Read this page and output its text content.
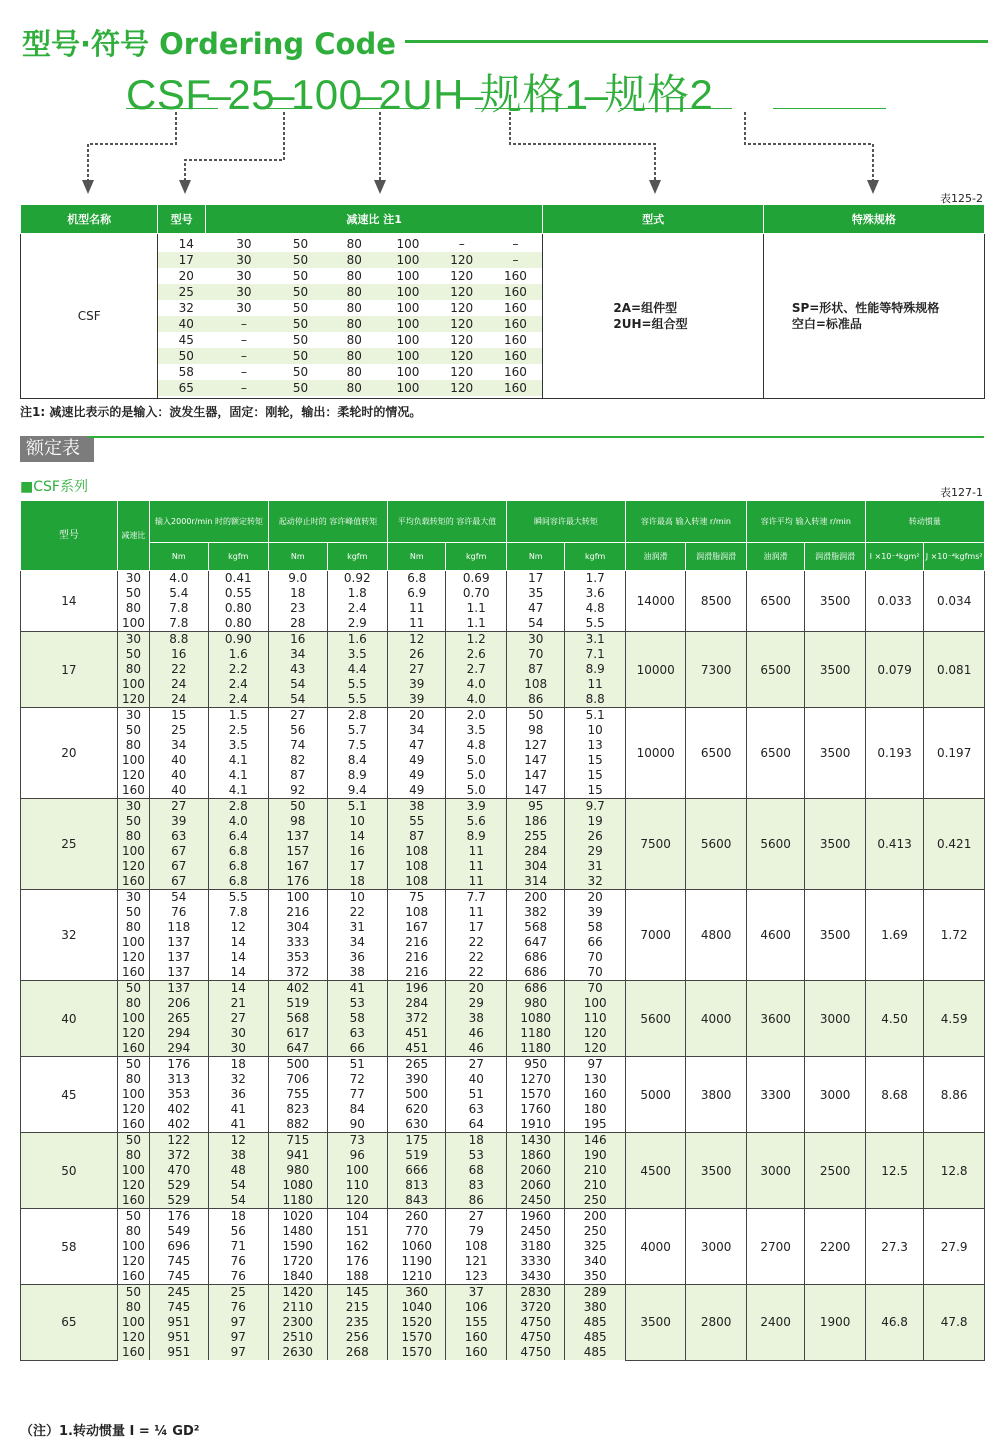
型号·符号 Ordering Code
CSF–25–100–2UH–规格1–规格2
表125-2
机型名称	型号	减速比 注1	型式	特殊规格
CSF	
14	30	50	80	100	–	–
17	30	50	80	100	120	–
20	30	50	80	100	120	160
25	30	50	80	100	120	160
32	30	50	80	100	120	160
40	–	50	80	100	120	160
45	–	50	80	100	120	160
50	–	50	80	100	120	160
58	–	50	80	100	120	160
65	–	50	80	100	120	160

2A=组件型
2UH=组合型

SP=形状、性能等特殊规格
空白=标准品
注1: 减速比表示的是输入：波发生器，固定：刚轮，输出：柔轮时的情况。
额定表
■CSF系列	表127-1
型号	减速比	输入2000r/min 时的额定转矩		起动停止时的 容许峰值转矩		平均负载转矩的 容许最大值		瞬间容许最大转矩		容许最高 输入转速 r/min		容许平均 输入转速 r/min		转动惯量	
		Nm	kgfm	Nm	kgfm	Nm	kgfm	Nm	kgfm	油润滑	润滑脂润滑	油润滑	润滑脂润滑	I ×10⁻⁴kgm²	J ×10⁻⁴kgfms²
14	30	4.0	0.41	9.0	0.92	6.8	0.69	17	1.7	14000	8500	6500	3500	0.033	0.034
	50	5.4	0.55	18	1.8	6.9	0.70	35	3.6						
	80	7.8	0.80	23	2.4	11	1.1	47	4.8						
	100	7.8	0.80	28	2.9	11	1.1	54	5.5						
17	30	8.8	0.90	16	1.6	12	1.2	30	3.1	10000	7300	6500	3500	0.079	0.081
	50	16	1.6	34	3.5	26	2.6	70	7.1						
	80	22	2.2	43	4.4	27	2.7	87	8.9						
	100	24	2.4	54	5.5	39	4.0	108	11						
	120	24	2.4	54	5.5	39	4.0	86	8.8						
20	30	15	1.5	27	2.8	20	2.0	50	5.1	10000	6500	6500	3500	0.193	0.197
	50	25	2.5	56	5.7	34	3.5	98	10						
	80	34	3.5	74	7.5	47	4.8	127	13						
	100	40	4.1	82	8.4	49	5.0	147	15						
	120	40	4.1	87	8.9	49	5.0	147	15						
	160	40	4.1	92	9.4	49	5.0	147	15						
25	30	27	2.8	50	5.1	38	3.9	95	9.7	7500	5600	5600	3500	0.413	0.421
	50	39	4.0	98	10	55	5.6	186	19						
	80	63	6.4	137	14	87	8.9	255	26						
	100	67	6.8	157	16	108	11	284	29						
	120	67	6.8	167	17	108	11	304	31						
	160	67	6.8	176	18	108	11	314	32						
32	30	54	5.5	100	10	75	7.7	200	20	7000	4800	4600	3500	1.69	1.72
	50	76	7.8	216	22	108	11	382	39						
	80	118	12	304	31	167	17	568	58						
	100	137	14	333	34	216	22	647	66						
	120	137	14	353	36	216	22	686	70						
	160	137	14	372	38	216	22	686	70						
40	50	137	14	402	41	196	20	686	70	5600	4000	3600	3000	4.50	4.59
	80	206	21	519	53	284	29	980	100						
	100	265	27	568	58	372	38	1080	110						
	120	294	30	617	63	451	46	1180	120						
	160	294	30	647	66	451	46	1180	120						
45	50	176	18	500	51	265	27	950	97	5000	3800	3300	3000	8.68	8.86
	80	313	32	706	72	390	40	1270	130						
	100	353	36	755	77	500	51	1570	160						
	120	402	41	823	84	620	63	1760	180						
	160	402	41	882	90	630	64	1910	195						
50	50	122	12	715	73	175	18	1430	146	4500	3500	3000	2500	12.5	12.8
	80	372	38	941	96	519	53	1860	190						
	100	470	48	980	100	666	68	2060	210						
	120	529	54	1080	110	813	83	2060	210						
	160	529	54	1180	120	843	86	2450	250						
58	50	176	18	1020	104	260	27	1960	200	4000	3000	2700	2200	27.3	27.9
	80	549	56	1480	151	770	79	2450	250						
	100	696	71	1590	162	1060	108	3180	325						
	120	745	76	1720	176	1190	121	3330	340						
	160	745	76	1840	188	1210	123	3430	350						
65	50	245	25	1420	145	360	37	2830	289	3500	2800	2400	1900	46.8	47.8
	80	745	76	2110	215	1040	106	3720	380						
	100	951	97	2300	235	1520	155	4750	485						
	120	951	97	2510	256	1570	160	4750	485						
	160	951	97	2630	268	1570	160	4750	485						
（注）1.转动惯量 I = ¼ GD²
